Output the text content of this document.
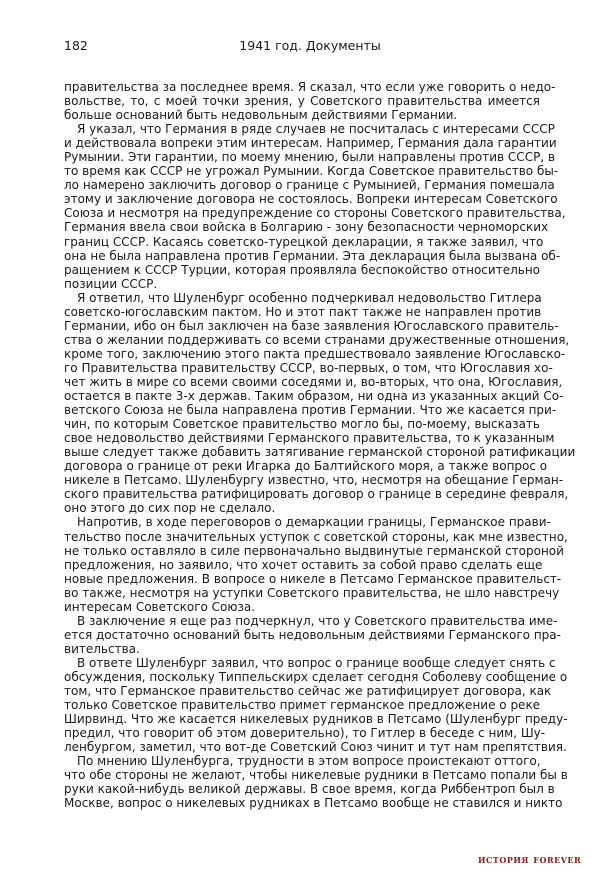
182	1941 год. Документы
правительства за последнее время. Я сказал, что если уже говорить о недо-
вольстве, то, с моей точки зрения, у Советского правительства имеется
больше оснований быть недовольным действиями Германии.
Я указал, что Германия в ряде случаев не посчиталась с интересами СССР
и действовала вопреки этим интересам. Например, Германия дала гарантии
Румынии. Эти гарантии, по моему мнению, были направлены против СССР, в
то время как СССР не угрожал Румынии. Когда Советское правительство бы-
ло намерено заключить договор о границе с Румынией, Германия помешала
этому и заключение договора не состоялось. Вопреки интересам Советского
Союза и несмотря на предупреждение со стороны Советского правительства,
Германия ввела свои войска в Болгарию - зону безопасности черноморских
границ СССР. Касаясь советско-турецкой декларации, я также заявил, что
она не была направлена против Германии. Эта декларация была вызвана об-
ращением к СССР Турции, которая проявляла беспокойство относительно
позиции СССР.
Я ответил, что Шуленбург особенно подчеркивал недовольство Гитлера
советско-югославским пактом. Но и этот пакт также не направлен против
Германии, ибо он был заключен на базе заявления Югославского правитель-
ства о желании поддерживать со всеми странами дружественные отношения,
кроме того, заключению этого пакта предшествовало заявление Югославско-
го Правительства правительству СССР, во-первых, о том, что Югославия хо-
чет жить в мире со всеми своими соседями и, во-вторых, что она, Югославия,
остается в пакте 3-х держав. Таким образом, ни одна из указанных акций Со-
ветского Союза не была направлена против Германии. Что же касается при-
чин, по которым Советское правительство могло бы, по-моему, высказать
свое недовольство действиями Германского правительства, то к указанным
выше следует также добавить затягивание германской стороной ратификации
договора о границе от реки Игарка до Балтийского моря, а также вопрос о
никеле в Петсамо. Шуленбургу известно, что, несмотря на обещание Герман-
ского правительства ратифицировать договор о границе в середине февраля,
оно этого до сих пор не сделало.
Напротив, в ходе переговоров о демаркации границы, Германское прави-
тельство после значительных уступок с советской стороны, как мне известно,
не только оставляло в силе первоначально выдвинутые германской стороной
предложения, но заявило, что хочет оставить за собой право сделать еще
новые предложения. В вопросе о никеле в Петсамо Германское правительст-
во также, несмотря на уступки Советского правительства, не шло навстречу
интересам Советского Союза.
В заключение я еще раз подчеркнул, что у Советского правительства име-
ется достаточно оснований быть недовольным действиями Германского пра-
вительства.
В ответе Шуленбург заявил, что вопрос о границе вообще следует снять с
обсуждения, поскольку Типпельскирх сделает сегодня Соболеву сообщение о
том, что Германское правительство сейчас же ратифицирует договора, как
только Советское правительство примет германское предложение о реке
Ширвинд. Что же касается никелевых рудников в Петсамо (Шуленбург преду-
предил, что говорит об этом доверительно), то Гитлер в беседе с ним, Шу-
ленбургом, заметил, что вот-де Советский Союз чинит и тут нам препятствия.
По мнению Шуленбурга, трудности в этом вопросе проистекают оттого,
что обе стороны не желают, чтобы никелевые рудники в Петсамо попали бы в
руки какой-нибудь великой державы. В свое время, когда Риббентроп был в
Москве, вопрос о никелевых рудниках в Петсамо вообще не ставился и никто
история forever
